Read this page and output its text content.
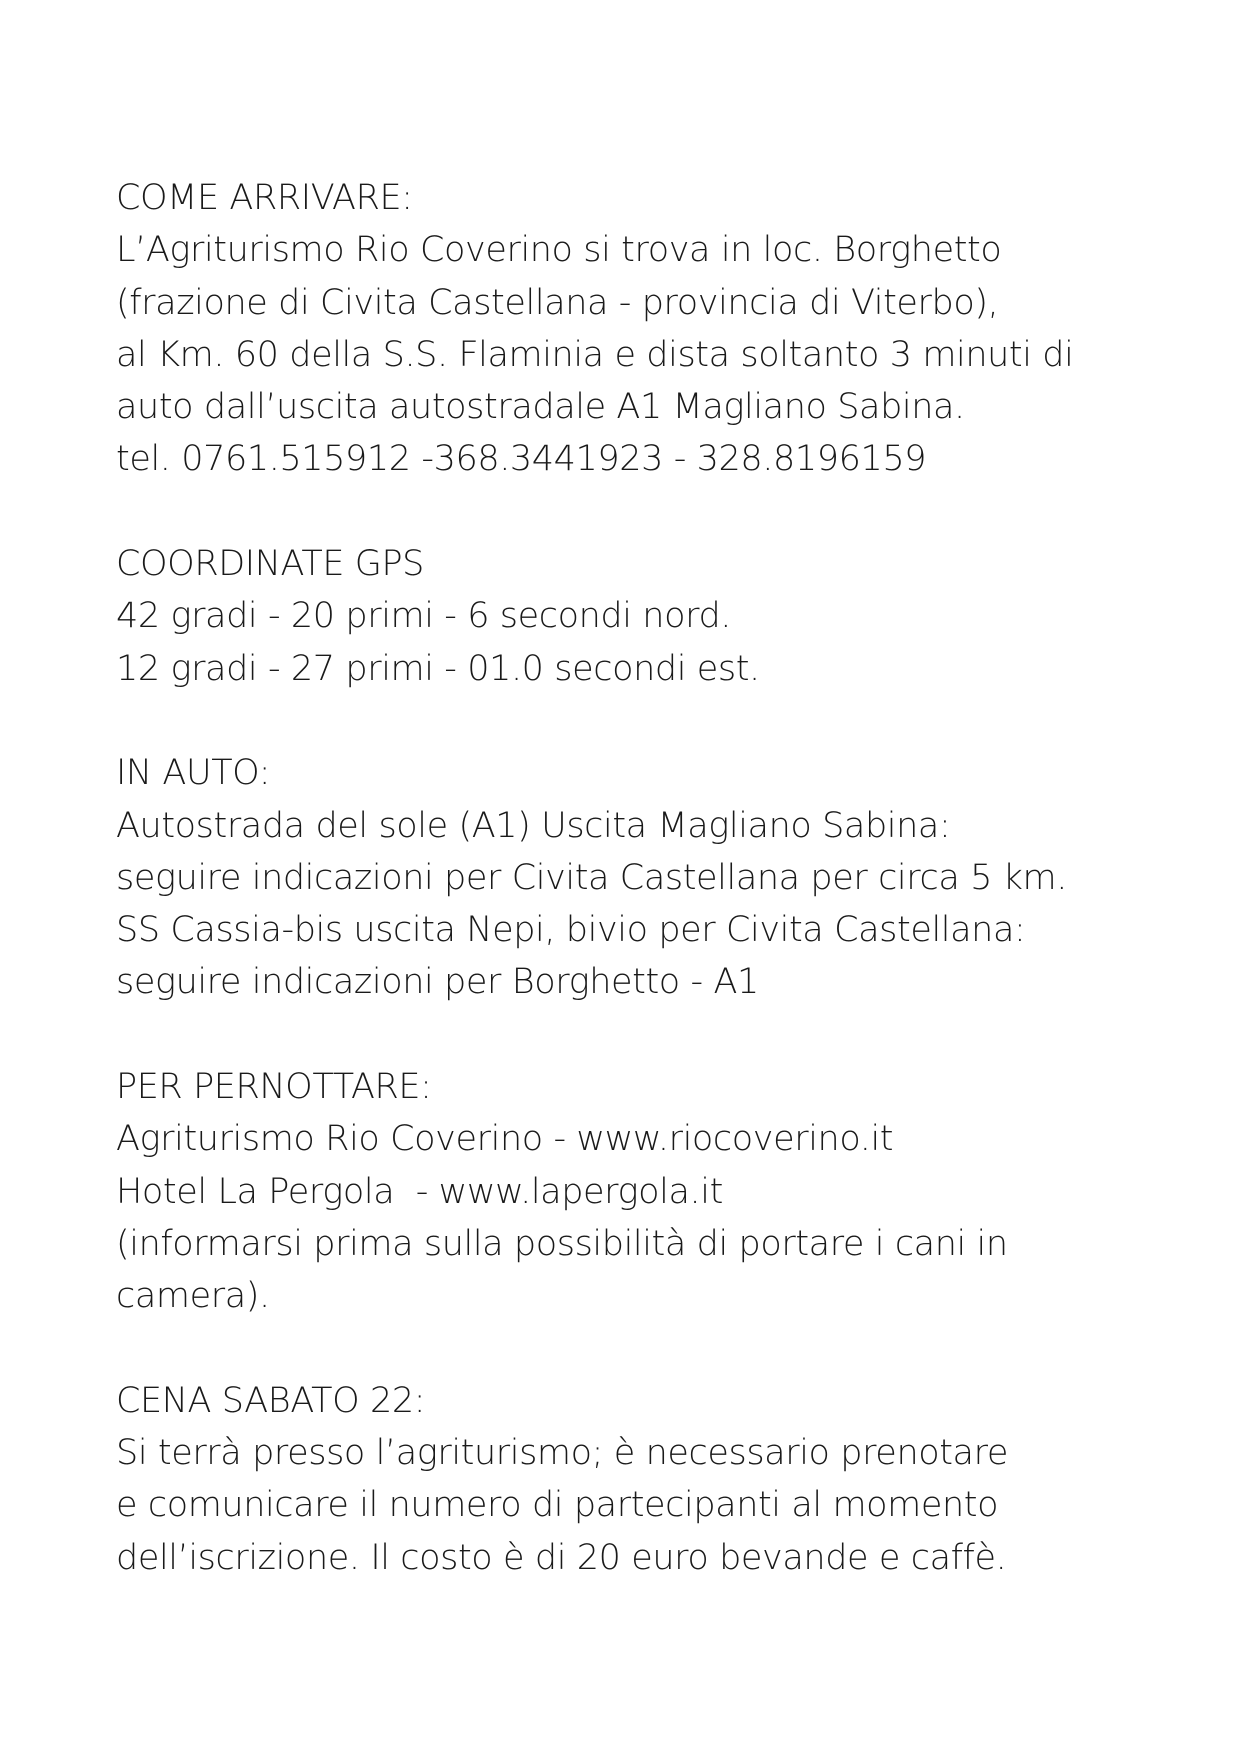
COME ARRIVARE:
L’Agriturismo Rio Coverino si trova in loc. Borghetto
(frazione di Civita Castellana - provincia di Viterbo),
al Km. 60 della S.S. Flaminia e dista soltanto 3 minuti di
auto dall’uscita autostradale A1 Magliano Sabina.
tel. 0761.515912 -368.3441923 - 328.8196159
COORDINATE GPS
42 gradi - 20 primi - 6 secondi nord.
12 gradi - 27 primi - 01.0 secondi est.
IN AUTO:
Autostrada del sole (A1) Uscita Magliano Sabina:
seguire indicazioni per Civita Castellana per circa 5 km.
SS Cassia-bis uscita Nepi, bivio per Civita Castellana:
seguire indicazioni per Borghetto - A1
PER PERNOTTARE:
Agriturismo Rio Coverino - www.riocoverino.it
Hotel La Pergola  - www.lapergola.it
(informarsi prima sulla possibilità di portare i cani in
camera).
CENA SABATO 22:
Si terrà presso l’agriturismo; è necessario prenotare
e comunicare il numero di partecipanti al momento
dell’iscrizione. Il costo è di 20 euro bevande e caffè.
